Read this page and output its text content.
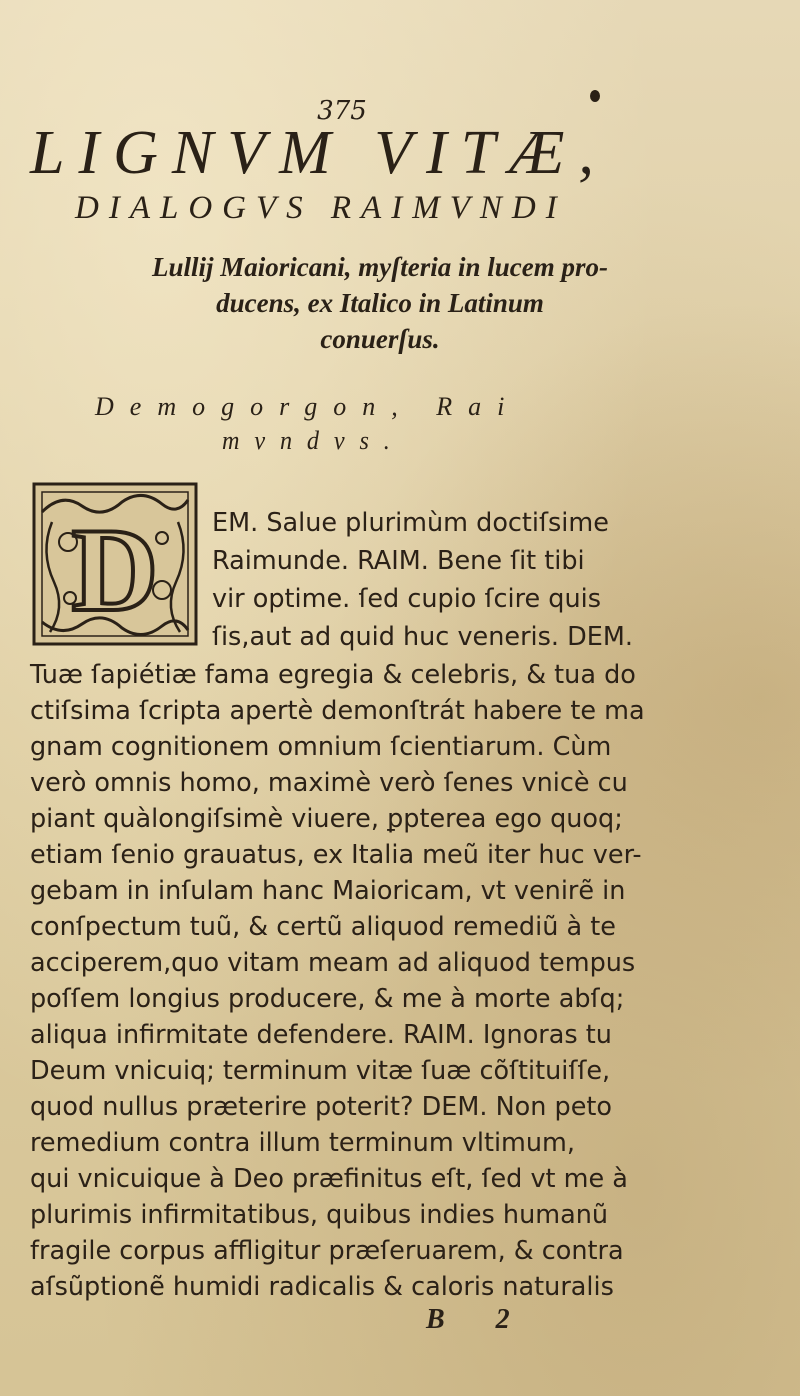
375
LIGNVM VITÆ,
DIALOGVS RAIMVNDI
Lullij Maioricani, myſteria in lucem pro-
ducens, ex Italico in Latinum
conuerſus.
Demogorgon, Rai
mvndvs.
D EM. Salue plurimùm doctiſsime
Raimunde. RAIM. Bene ſit tibi
vir optime. ſed cupio ſcire quis
ſis,aut ad quid huc veneris. DEM.
Tuæ ſapiétiæ fama egregia & celebris, & tua do
ctiſsima ſcripta apertè demonſtrát habere te ma
gnam cognitionem omnium ſcientiarum. Cùm
verò omnis homo, maximè verò ſenes vnicè cu
piant quàlongiſsimè viuere, ꝑpterea ego quoq;
etiam ſenio grauatus, ex Italia meũ iter huc ver-
gebam in inſulam hanc Maioricam, vt venirẽ in
conſpectum tuũ, & certũ aliquod remediũ à te
acciperem,quo vitam meam ad aliquod tempus
poſſem longius producere, & me à morte abſq;
aliqua infirmitate defendere. RAIM. Ignoras tu
Deum vnicuiq; terminum vitæ ſuæ cõſtituiſſe,
quod nullus præterire poterit? DEM. Non peto
remedium contra illum terminum vltimum,
qui vnicuique à Deo præfinitus eſt, ſed vt me à
plurimis infirmitatibus, quibus indies humanũ
fragile corpus affligitur præſeruarem, & contra
aſsũptionẽ humidi radicalis & caloris naturalis
B 2
